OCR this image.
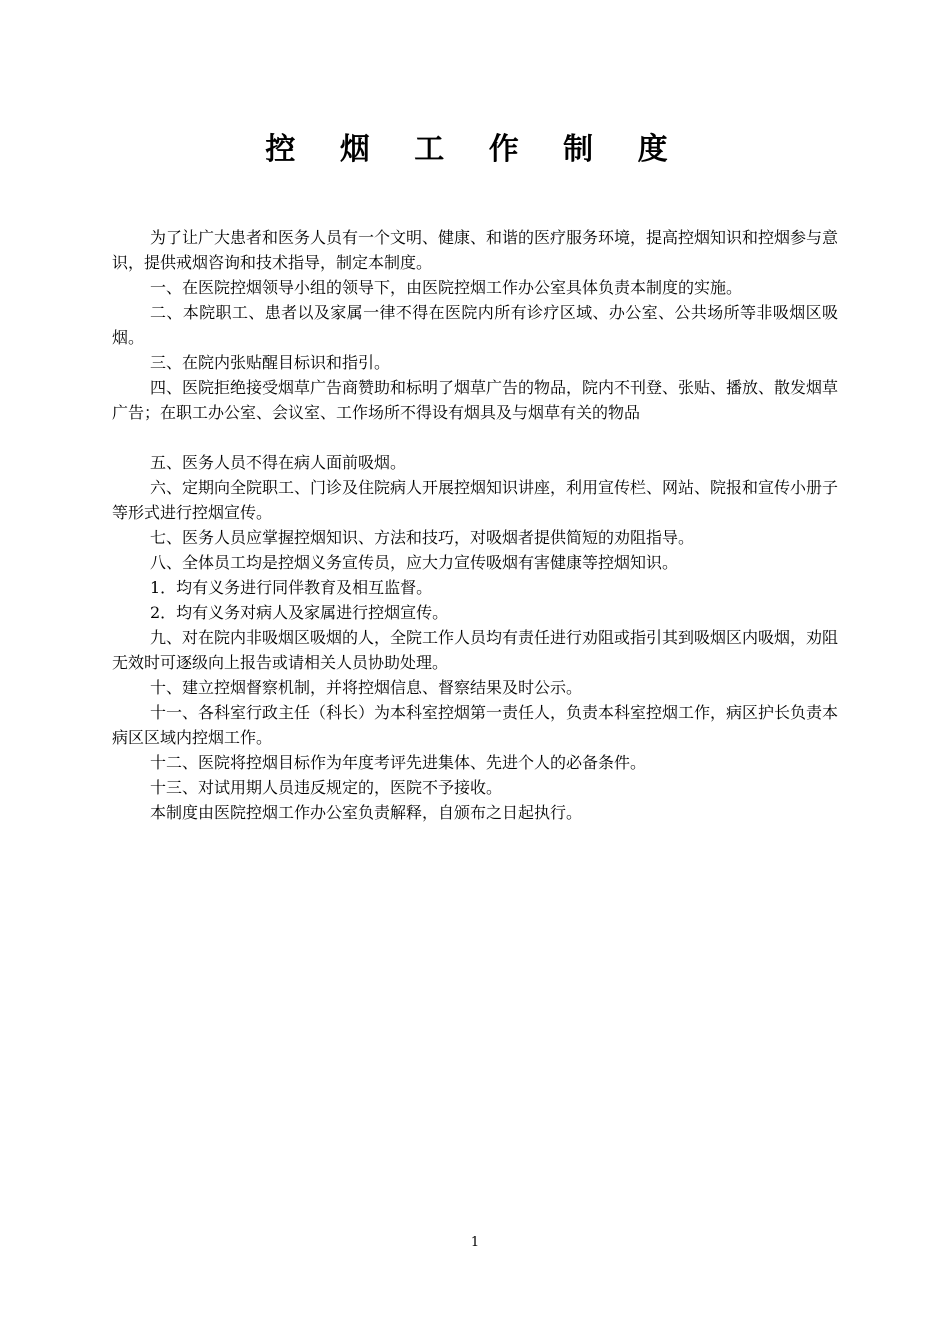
控 烟 工 作 制 度

为了让广大患者和医务人员有一个文明、健康、和谐的医疗服务环境，提高控烟知识和控烟参与意识，提供戒烟咨询和技术指导，制定本制度。

一、在医院控烟领导小组的领导下，由医院控烟工作办公室具体负责本制度的实施。

二、本院职工、患者以及家属一律不得在医院内所有诊疗区域、办公室、公共场所等非吸烟区吸烟。

三、在院内张贴醒目标识和指引。

四、医院拒绝接受烟草广告商赞助和标明了烟草广告的物品，院内不刊登、张贴、播放、散发烟草广告；在职工办公室、会议室、工作场所不得设有烟具及与烟草有关的物品

五、医务人员不得在病人面前吸烟。

六、定期向全院职工、门诊及住院病人开展控烟知识讲座，利用宣传栏、网站、院报和宣传小册子等形式进行控烟宣传。

七、医务人员应掌握控烟知识、方法和技巧，对吸烟者提供简短的劝阻指导。

八、全体员工均是控烟义务宣传员，应大力宣传吸烟有害健康等控烟知识。

1．均有义务进行同伴教育及相互监督。

2．均有义务对病人及家属进行控烟宣传。

九、对在院内非吸烟区吸烟的人，全院工作人员均有责任进行劝阻或指引其到吸烟区内吸烟，劝阻无效时可逐级向上报告或请相关人员协助处理。

十、建立控烟督察机制，并将控烟信息、督察结果及时公示。

十一、各科室行政主任（科长）为本科室控烟第一责任人，负责本科室控烟工作，病区护长负责本病区区域内控烟工作。

十二、医院将控烟目标作为年度考评先进集体、先进个人的必备条件。

十三、对试用期人员违反规定的，医院不予接收。

本制度由医院控烟工作办公室负责解释，自颁布之日起执行。

1
